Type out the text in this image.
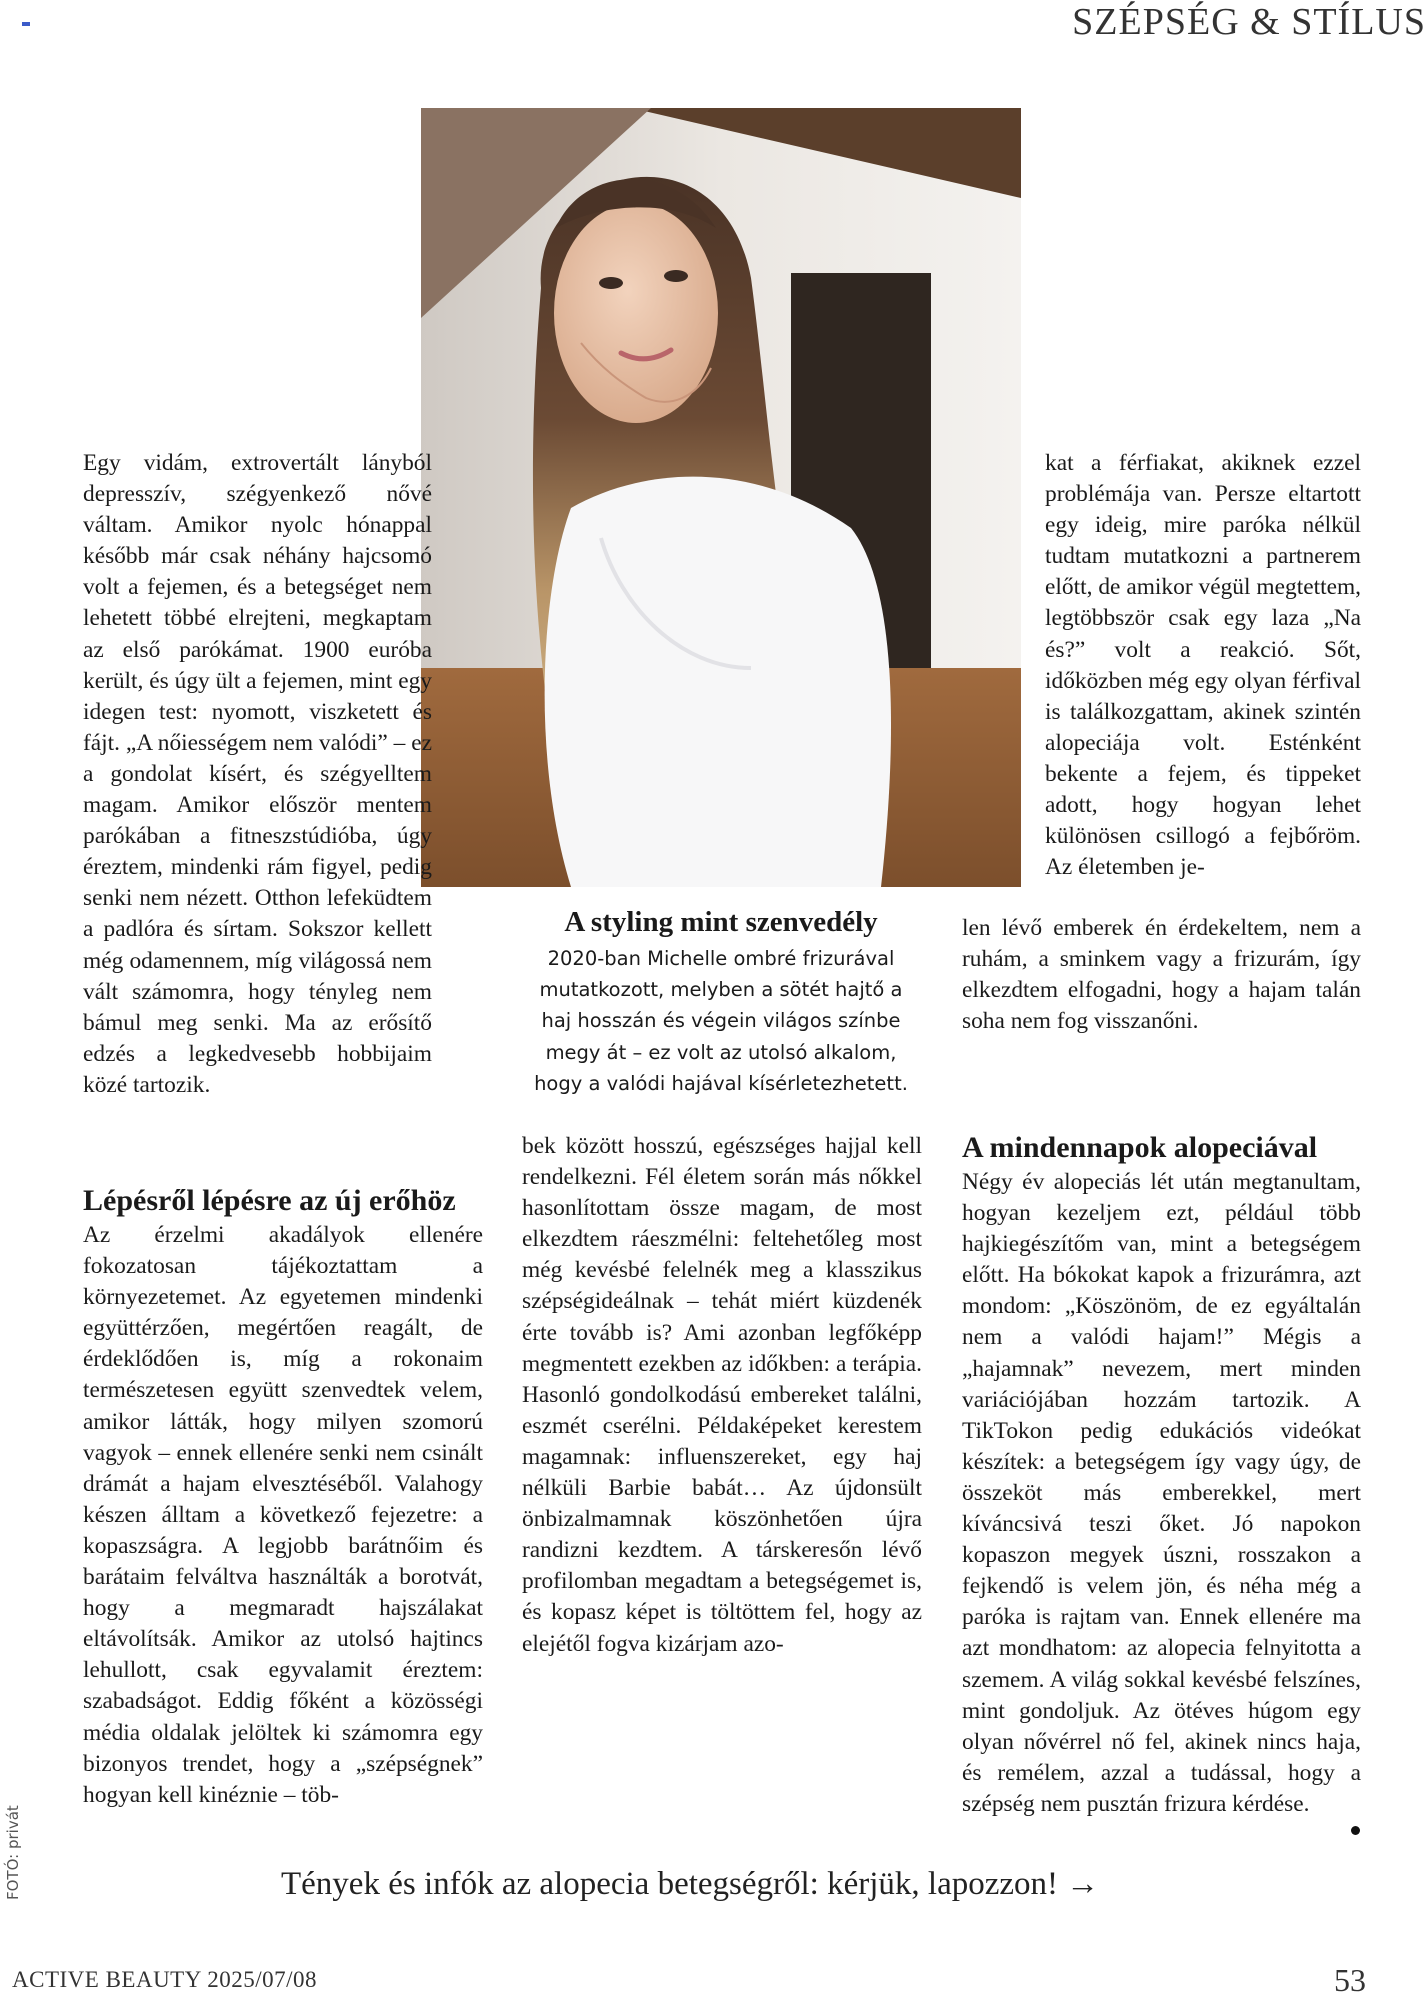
SZÉPSÉG & STÍLUS

Egy vidám, extrovertált lányból depresszív, szégyenkező nővé váltam. Amikor nyolc hónappal később már csak néhány hajcsomó volt a fejemen, és a betegséget nem lehetett többé elrejteni, megkaptam az első parókámat. 1900 euróba került, és úgy ült a fejemen, mint egy idegen test: nyomott, viszketett és fájt. „A nőiességem nem valódi” – ez a gondolat kísért, és szégyelltem magam. Amikor először mentem parókában a fitneszstúdióba, úgy éreztem, mindenki rám figyel, pedig senki nem nézett. Otthon lefeküdtem a padlóra és sírtam. Sokszor kellett még odamennem, míg világossá nem vált számomra, hogy tényleg nem bámul meg senki. Ma az erősítő edzés a legkedvesebb hobbijaim közé tartozik.

Lépésről lépésre az új erőhöz

Az érzelmi akadályok ellenére fokozatosan tájékoztattam a környezetemet. Az egyetemen mindenki együttérzően, megértően reagált, de érdeklődően is, míg a rokonaim természetesen együtt szenvedtek velem, amikor látták, hogy milyen szomorú vagyok – ennek ellenére senki nem csinált drámát a hajam elvesztéséből. Valahogy készen álltam a következő fejezetre: a kopaszságra. A legjobb barátnőim és barátaim felváltva használták a borotvát, hogy a megmaradt hajszálakat eltávolítsák. Amikor az utolsó hajtincs lehullott, csak egyvalamit éreztem: szabadságot. Eddig főként a közösségi média oldalak jelöltek ki számomra egy bizonyos trendet, hogy a „szépségnek” hogyan kell kinéznie – töb-

A styling mint szenvedély
2020-ban Michelle ombré frizurával mutatkozott, melyben a sötét hajtő a haj hosszán és végein világos színbe megy át – ez volt az utolsó alkalom, hogy a valódi hajával kísérletezhetett.

bek között hosszú, egészséges hajjal kell rendelkezni. Fél életem során más nőkkel hasonlítottam össze magam, de most elkezdtem ráeszmélni: feltehetőleg most még kevésbé felelnék meg a klasszikus szépségideálnak – tehát miért küzdenék érte tovább is? Ami azonban legfőképp megmentett ezekben az időkben: a terápia. Hasonló gondolkodású embereket találni, eszmét cserélni. Példaképeket kerestem magamnak: influenszereket, egy haj nélküli Barbie babát… Az újdonsült önbizalmamnak köszönhetően újra randizni kezdtem. A társkeresőn lévő profilomban megadtam a betegségemet is, és kopasz képet is töltöttem fel, hogy az elejétől fogva kizárjam azo-

kat a férfiakat, akiknek ezzel problémája van. Persze eltartott egy ideig, mire paróka nélkül tudtam mutatkozni a partnerem előtt, de amikor végül megtettem, legtöbbször csak egy laza „Na és?” volt a reakció. Sőt, időközben még egy olyan férfival is találkozgattam, akinek szintén alopeciája volt. Esténként bekente a fejem, és tippeket adott, hogy hogyan lehet különösen csillogó a fejbőröm. Az életemben je-

len lévő emberek én érdekeltem, nem a ruhám, a sminkem vagy a frizurám, így elkezdtem elfogadni, hogy a hajam talán soha nem fog visszanőni.

A mindennapok alopeciával

Négy év alopeciás lét után megtanultam, hogyan kezeljem ezt, például több hajkiegészítőm van, mint a betegségem előtt. Ha bókokat kapok a frizurámra, azt mondom: „Köszönöm, de ez egyáltalán nem a valódi hajam!” Mégis a „hajamnak” nevezem, mert minden variációjában hozzám tartozik. A TikTokon pedig edukációs videókat készítek: a betegségem így vagy úgy, de összeköt más emberekkel, mert kíváncsivá teszi őket. Jó napokon kopaszon megyek úszni, rosszakon a fejkendő is velem jön, és néha még a paróka is rajtam van. Ennek ellenére ma azt mondhatom: az alopecia felnyitotta a szemem. A világ sokkal kevésbé felszínes, mint gondoljuk. Az ötéves húgom egy olyan nővérrel nő fel, akinek nincs haja, és remélem, azzal a tudással, hogy a szépség nem pusztán frizura kérdése.

FOTÓ: privát	Tények és infók az alopecia betegségről: kérjük, lapozzon! →
ACTIVE BEAUTY 2025/07/08	53
